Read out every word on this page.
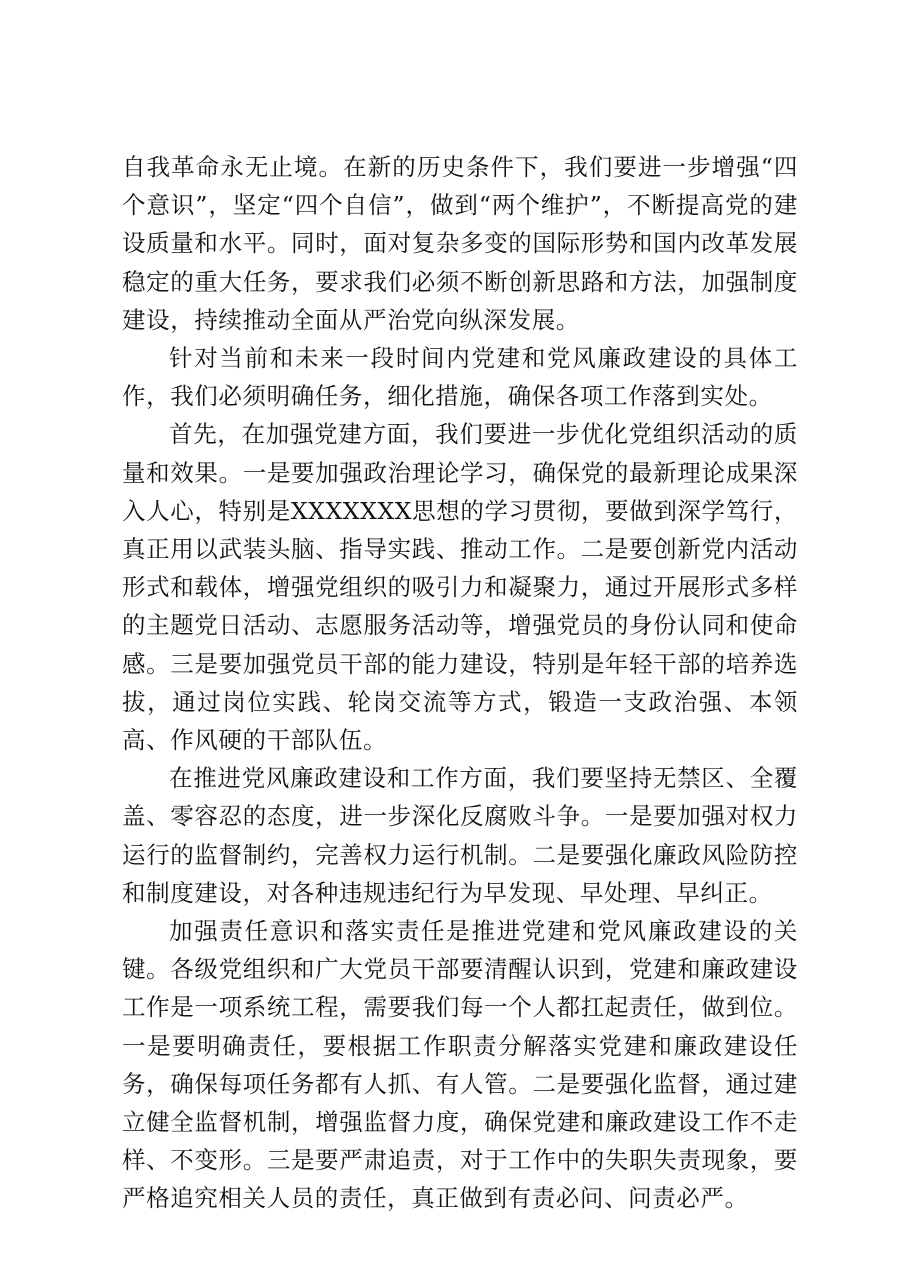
自我革命永无止境。在新的历史条件下，我们要进一步增强“四个意识”，坚定“四个自信”，做到“两个维护”，不断提高党的建设质量和水平。同时，面对复杂多变的国际形势和国内改革发展稳定的重大任务，要求我们必须不断创新思路和方法，加强制度建设，持续推动全面从严治党向纵深发展。

针对当前和未来一段时间内党建和党风廉政建设的具体工作，我们必须明确任务，细化措施，确保各项工作落到实处。

首先，在加强党建方面，我们要进一步优化党组织活动的质量和效果。一是要加强政治理论学习，确保党的最新理论成果深入人心，特别是XXXXXXX思想的学习贯彻，要做到深学笃行，真正用以武装头脑、指导实践、推动工作。二是要创新党内活动形式和载体，增强党组织的吸引力和凝聚力，通过开展形式多样的主题党日活动、志愿服务活动等，增强党员的身份认同和使命感。三是要加强党员干部的能力建设，特别是年轻干部的培养选拔，通过岗位实践、轮岗交流等方式，锻造一支政治强、本领高、作风硬的干部队伍。

在推进党风廉政建设和工作方面，我们要坚持无禁区、全覆盖、零容忍的态度，进一步深化反腐败斗争。一是要加强对权力运行的监督制约，完善权力运行机制。二是要强化廉政风险防控和制度建设，对各种违规违纪行为早发现、早处理、早纠正。

加强责任意识和落实责任是推进党建和党风廉政建设的关键。各级党组织和广大党员干部要清醒认识到，党建和廉政建设工作是一项系统工程，需要我们每一个人都扛起责任，做到位。一是要明确责任，要根据工作职责分解落实党建和廉政建设任务，确保每项任务都有人抓、有人管。二是要强化监督，通过建立健全监督机制，增强监督力度，确保党建和廉政建设工作不走样、不变形。三是要严肃追责，对于工作中的失职失责现象，要严格追究相关人员的责任，真正做到有责必问、问责必严。
